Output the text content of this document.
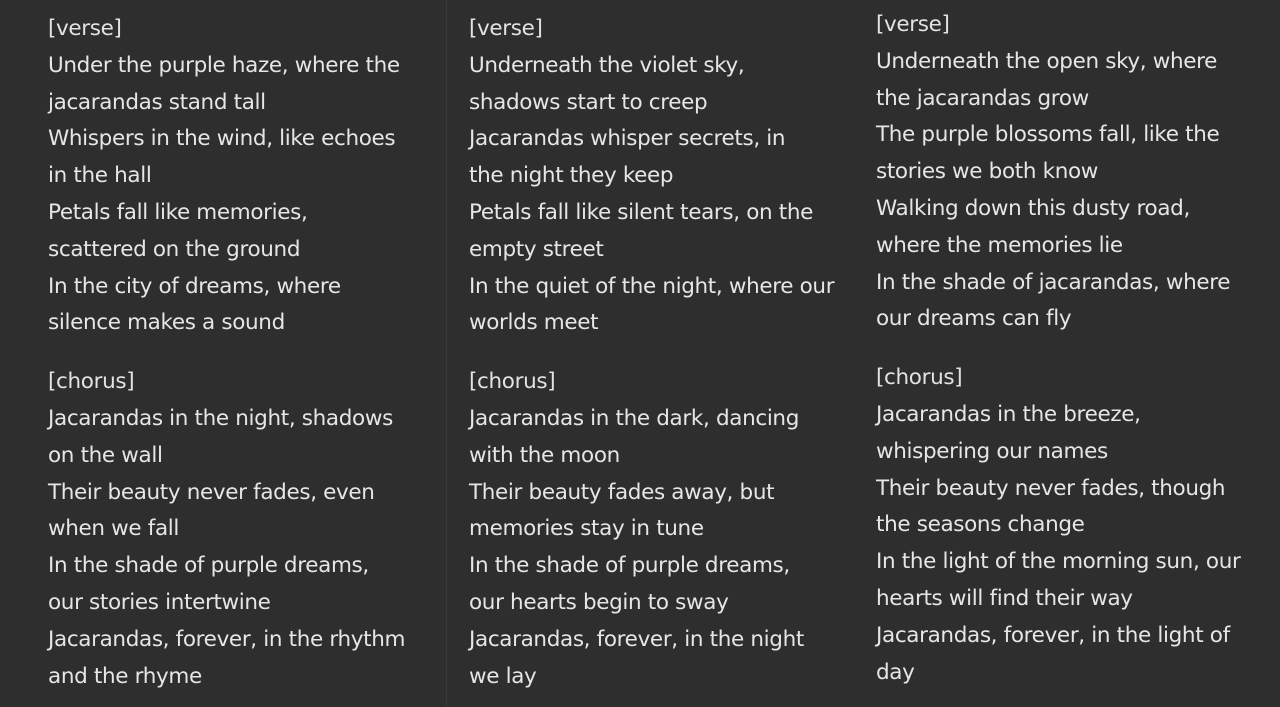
[verse]
Under the purple haze, where the
jacarandas stand tall
Whispers in the wind, like echoes
in the hall
Petals fall like memories,
scattered on the ground
In the city of dreams, where
silence makes a sound
[chorus]
Jacarandas in the night, shadows
on the wall
Their beauty never fades, even
when we fall
In the shade of purple dreams,
our stories intertwine
Jacarandas, forever, in the rhythm
and the rhyme
[verse]
Underneath the violet sky,
shadows start to creep
Jacarandas whisper secrets, in
the night they keep
Petals fall like silent tears, on the
empty street
In the quiet of the night, where our
worlds meet
[chorus]
Jacarandas in the dark, dancing
with the moon
Their beauty fades away, but
memories stay in tune
In the shade of purple dreams,
our hearts begin to sway
Jacarandas, forever, in the night
we lay
[verse]
Underneath the open sky, where
the jacarandas grow
The purple blossoms fall, like the
stories we both know
Walking down this dusty road,
where the memories lie
In the shade of jacarandas, where
our dreams can fly
[chorus]
Jacarandas in the breeze,
whispering our names
Their beauty never fades, though
the seasons change
In the light of the morning sun, our
hearts will find their way
Jacarandas, forever, in the light of
day
